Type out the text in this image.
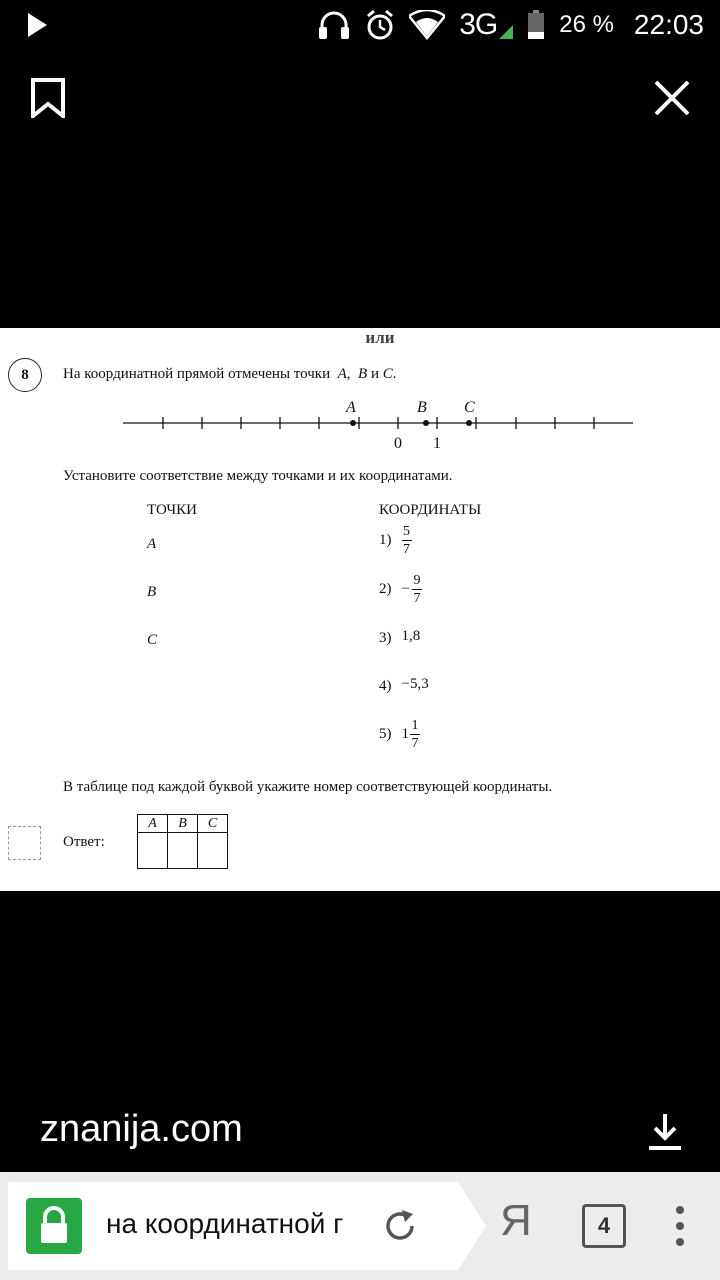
3G	26 % 22:03
или
8	На координатной прямой отмечены точки A, B и C.
A	B C
0 1
Установите соответствие между точками и их координатами.
ТОЧКИ	КООРДИНАТЫ
A
B
C
$1) \frac{5}{7}$
$2) - \frac{9}{7}$
3) 1,8
4) −5,3
5) $1 \frac{1}{7}$
В таблице под каждой буквой укажите номер соответствующей координаты.
Ответ:
A	B	C

znanija.com
на координатной г	Я	4
